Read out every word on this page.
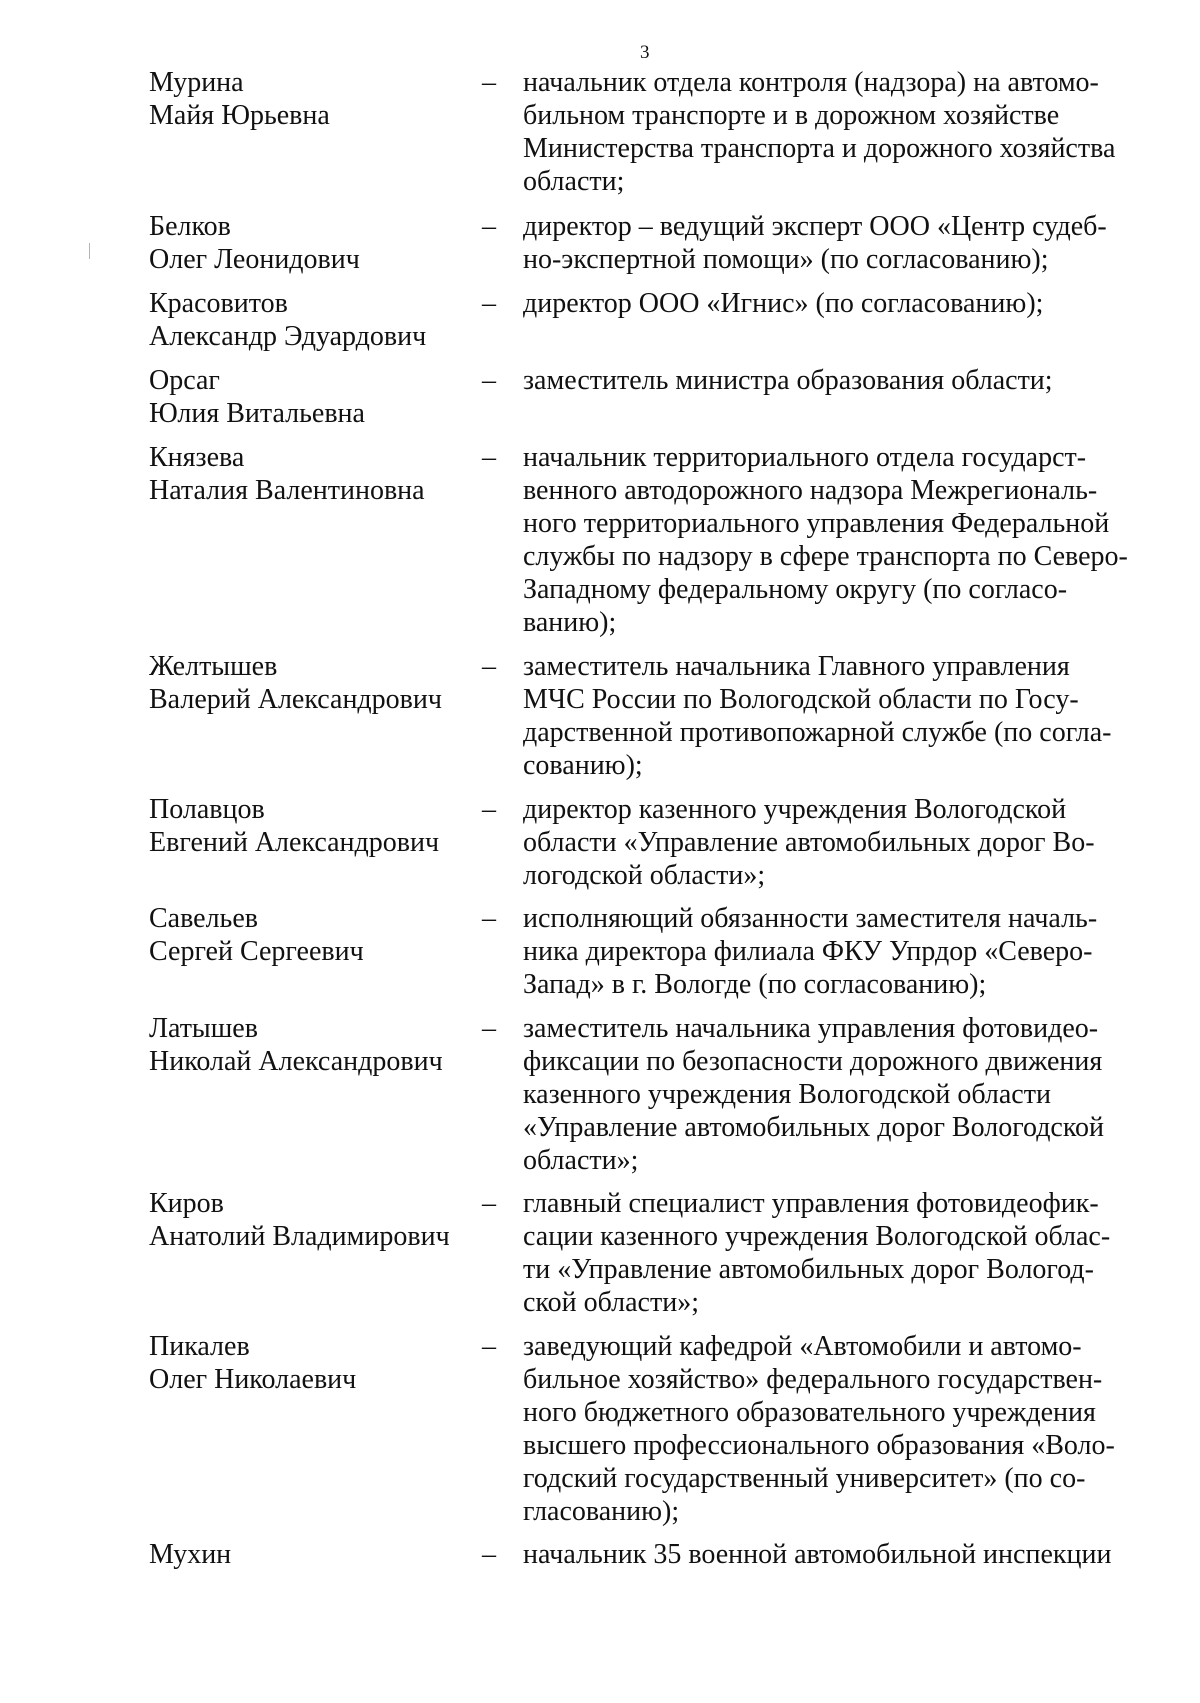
3
Мурина
Майя Юрьевна
– начальник отдела контроля (надзора) на автомо-
бильном транспорте и в дорожном хозяйстве
Министерства транспорта и дорожного хозяйства
области;
Белков
Олег Леонидович
– директор – ведущий эксперт ООО «Центр судеб-
но-экспертной помощи» (по согласованию);
Красовитов
Александр Эдуардович
– директор ООО «Игнис» (по согласованию);
Орсаг
Юлия Витальевна
– заместитель министра образования области;
Князева
Наталия Валентиновна
– начальник территориального отдела государст-
венного автодорожного надзора Межрегиональ-
ного территориального управления Федеральной
службы по надзору в сфере транспорта по Северо-
Западному федеральному округу (по согласо-
ванию);
Желтышев
Валерий Александрович
– заместитель начальника Главного управления
МЧС России по Вологодской области по Госу-
дарственной противопожарной службе (по согла-
сованию);
Полавцов
Евгений Александрович
– директор казенного учреждения Вологодской
области «Управление автомобильных дорог Во-
логодской области»;
Савельев
Сергей Сергеевич
– исполняющий обязанности заместителя началь-
ника директора филиала ФКУ Упрдор «Северо-
Запад» в г. Вологде (по согласованию);
Латышев
Николай Александрович
– заместитель начальника управления фотовидео-
фиксации по безопасности дорожного движения
казенного учреждения Вологодской области
«Управление автомобильных дорог Вологодской
области»;
Киров
Анатолий Владимирович
– главный специалист управления фотовидеофик-
сации казенного учреждения Вологодской облас-
ти «Управление автомобильных дорог Вологод-
ской области»;
Пикалев
Олег Николаевич
– заведующий кафедрой «Автомобили и автомо-
бильное хозяйство» федерального государствен-
ного бюджетного образовательного учреждения
высшего профессионального образования «Воло-
годский государственный университет» (по со-
гласованию);
Мухин	– начальник 35 военной автомобильной инспекции
